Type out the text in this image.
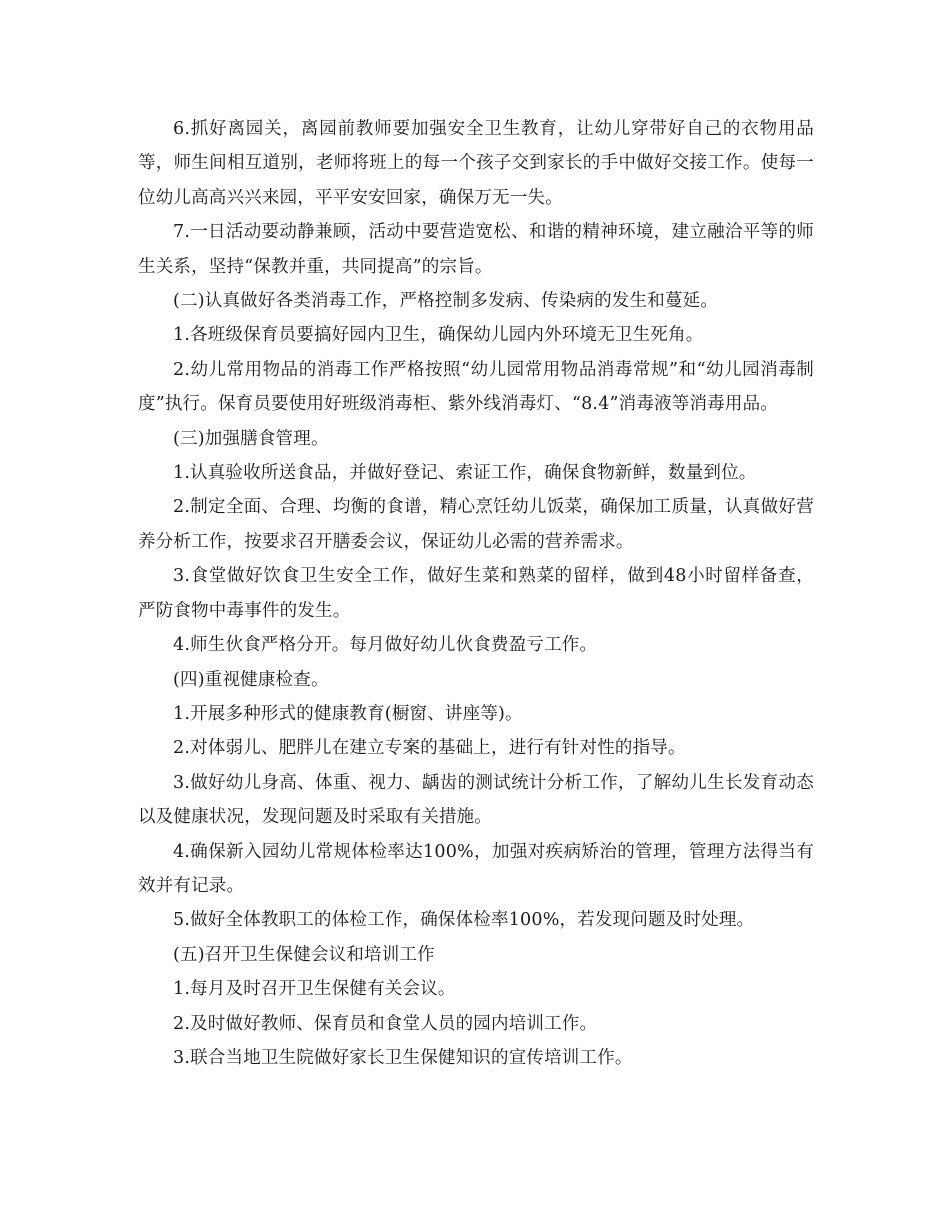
6.抓好离园关，离园前教师要加强安全卫生教育，让幼儿穿带好自己的衣物用品等，师生间相互道别，老师将班上的每一个孩子交到家长的手中做好交接工作。使每一位幼儿高高兴兴来园，平平安安回家，确保万无一失。

7.一日活动要动静兼顾，活动中要营造宽松、和谐的精神环境，建立融洽平等的师生关系，坚持“保教并重，共同提高”的宗旨。

(二)认真做好各类消毒工作，严格控制多发病、传染病的发生和蔓延。

1.各班级保育员要搞好园内卫生，确保幼儿园内外环境无卫生死角。

2.幼儿常用物品的消毒工作严格按照“幼儿园常用物品消毒常规”和“幼儿园消毒制度”执行。保育员要使用好班级消毒柜、紫外线消毒灯、“8.4”消毒液等消毒用品。

(三)加强膳食管理。

1.认真验收所送食品，并做好登记、索证工作，确保食物新鲜，数量到位。

2.制定全面、合理、均衡的食谱，精心烹饪幼儿饭菜，确保加工质量，认真做好营养分析工作，按要求召开膳委会议，保证幼儿必需的营养需求。

3.食堂做好饮食卫生安全工作，做好生菜和熟菜的留样，做到48小时留样备查，严防食物中毒事件的发生。

4.师生伙食严格分开。每月做好幼儿伙食费盈亏工作。

(四)重视健康检查。

1.开展多种形式的健康教育(橱窗、讲座等)。

2.对体弱儿、肥胖儿在建立专案的基础上，进行有针对性的指导。

3.做好幼儿身高、体重、视力、龋齿的测试统计分析工作，了解幼儿生长发育动态以及健康状况，发现问题及时采取有关措施。

4.确保新入园幼儿常规体检率达100%，加强对疾病矫治的管理，管理方法得当有效并有记录。

5.做好全体教职工的体检工作，确保体检率100%，若发现问题及时处理。

(五)召开卫生保健会议和培训工作

1.每月及时召开卫生保健有关会议。

2.及时做好教师、保育员和食堂人员的园内培训工作。

3.联合当地卫生院做好家长卫生保健知识的宣传培训工作。
